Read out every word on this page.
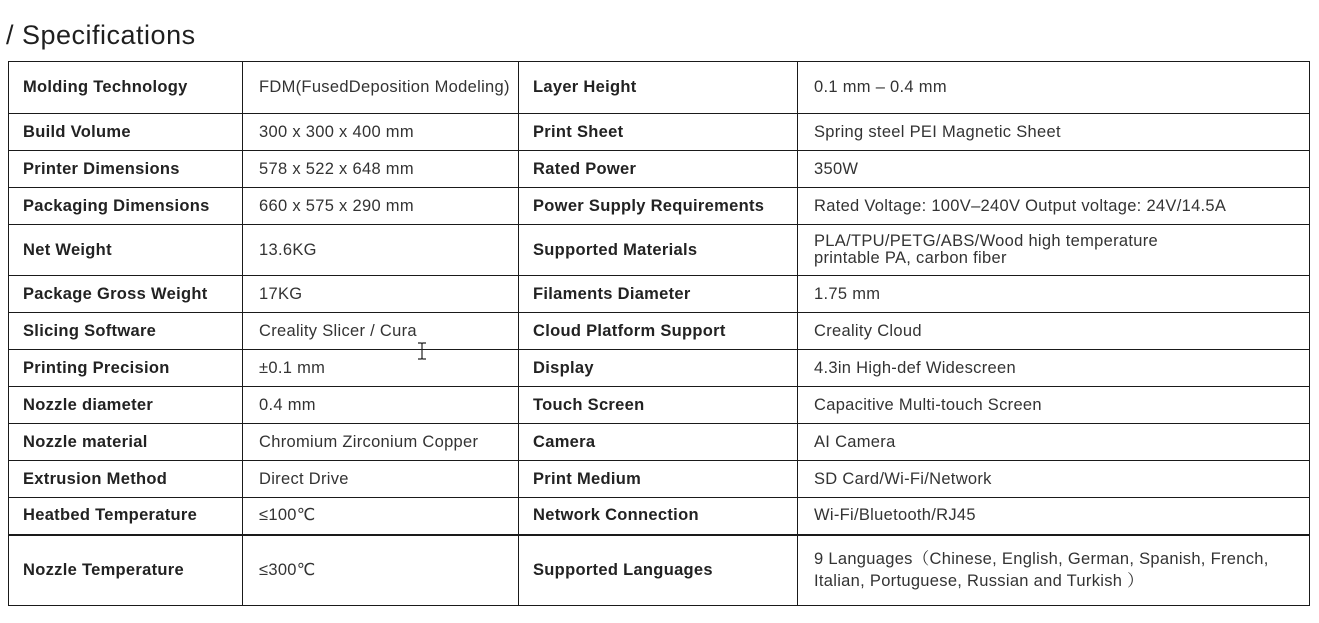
/ Specifications
Molding Technology	FDM(FusedDeposition Modeling)	Layer Height	0.1 mm – 0.4 mm
Build Volume	300 x 300 x 400 mm	Print Sheet	Spring steel PEI Magnetic Sheet
Printer Dimensions	578 x 522 x 648 mm	Rated Power	350W
Packaging Dimensions	660 x 575 x 290 mm	Power Supply Requirements	Rated Voltage: 100V–240V Output voltage: 24V/14.5A
Net Weight	13.6KG	Supported Materials	PLA/TPU/PETG/ABS/Wood high temperature printable PA, carbon fiber
Package Gross Weight	17KG	Filaments Diameter	1.75 mm
Slicing Software	Creality Slicer / Cura	Cloud Platform Support	Creality Cloud
Printing Precision	±0.1 mm	Display	4.3in High-def Widescreen
Nozzle diameter	0.4 mm	Touch Screen	Capacitive Multi-touch Screen
Nozzle material	Chromium Zirconium Copper	Camera	AI Camera
Extrusion Method	Direct Drive	Print Medium	SD Card/Wi-Fi/Network
Heatbed Temperature	≤100℃	Network Connection	Wi-Fi/Bluetooth/RJ45
Nozzle Temperature	≤300℃	Supported Languages	9 Languages（Chinese, English, German, Spanish, French, Italian, Portuguese, Russian and Turkish ）
